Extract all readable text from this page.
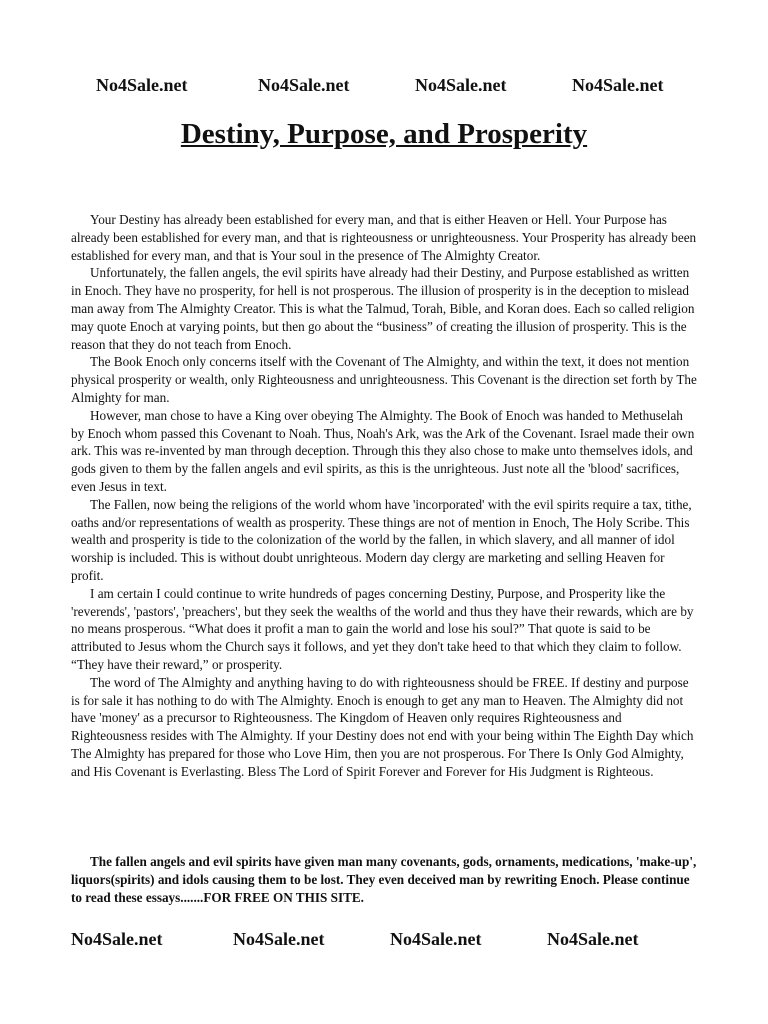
No4Sale.net	No4Sale.net	No4Sale.net	No4Sale.net
Destiny, Purpose, and Prosperity

Your Destiny has already been established for every man, and that is either Heaven or Hell. Your Purpose has already been established for every man, and that is righteousness or unrighteousness. Your Prosperity has already been established for every man, and that is Your soul in the presence of The Almighty Creator.

Unfortunately, the fallen angels, the evil spirits have already had their Destiny, and Purpose established as written in Enoch. They have no prosperity, for hell is not prosperous. The illusion of prosperity is in the deception to mislead man away from The Almighty Creator. This is what the Talmud, Torah, Bible, and Koran does. Each so called religion may quote Enoch at varying points, but then go about the “business” of creating the illusion of prosperity. This is the reason that they do not teach from Enoch.

The Book Enoch only concerns itself with the Covenant of The Almighty, and within the text, it does not mention physical prosperity or wealth, only Righteousness and unrighteousness. This Covenant is the direction set forth by The Almighty for man.

However, man chose to have a King over obeying The Almighty. The Book of Enoch was handed to Methuselah by Enoch whom passed this Covenant to Noah. Thus, Noah's Ark, was the Ark of the Covenant. Israel made their own ark. This was re-invented by man through deception. Through this they also chose to make unto themselves idols, and gods given to them by the fallen angels and evil spirits, as this is the unrighteous. Just note all the 'blood' sacrifices, even Jesus in text.

The Fallen, now being the religions of the world whom have 'incorporated' with the evil spirits require a tax, tithe, oaths and/or representations of wealth as prosperity. These things are not of mention in Enoch, The Holy Scribe. This wealth and prosperity is tide to the colonization of the world by the fallen, in which slavery, and all manner of idol worship is included. This is without doubt unrighteous. Modern day clergy are marketing and selling Heaven for profit.

I am certain I could continue to write hundreds of pages concerning Destiny, Purpose, and Prosperity like the 'reverends', 'pastors', 'preachers', but they seek the wealths of the world and thus they have their rewards, which are by no means prosperous. “What does it profit a man to gain the world and lose his soul?” That quote is said to be attributed to Jesus whom the Church says it follows, and yet they don't take heed to that which they claim to follow. “They have their reward,” or prosperity.

The word of The Almighty and anything having to do with righteousness should be FREE. If destiny and purpose is for sale it has nothing to do with The Almighty. Enoch is enough to get any man to Heaven. The Almighty did not have 'money' as a precursor to Righteousness. The Kingdom of Heaven only requires Righteousness and Righteousness resides with The Almighty. If your Destiny does not end with your being within The Eighth Day which The Almighty has prepared for those who Love Him, then you are not prosperous. For There Is Only God Almighty, and His Covenant is Everlasting. Bless The Lord of Spirit Forever and Forever for His Judgment is Righteous.

The fallen angels and evil spirits have given man many covenants, gods, ornaments, medications, 'make-up', liquors(spirits) and idols causing them to be lost. They even deceived man by rewriting Enoch. Please continue to read these essays.......FOR FREE ON THIS SITE.

No4Sale.net	No4Sale.net	No4Sale.net	No4Sale.net
